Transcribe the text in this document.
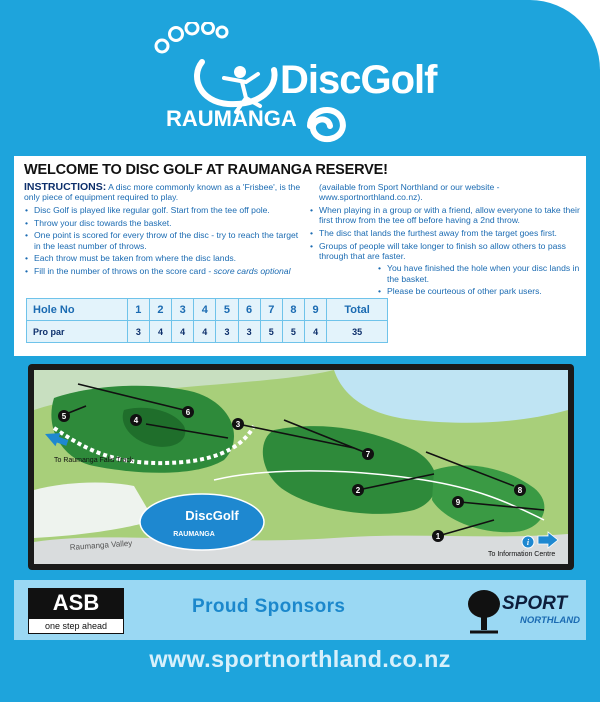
DiscGolf
RAUMANGA
WELCOME TO DISC GOLF AT RAUMANGA RESERVE!
INSTRUCTIONS: A disc more commonly known as a 'Frisbee', is the only piece of equipment required to play.
• Disc Golf is played like regular golf. Start from the tee off pole.
• Throw your disc towards the basket.
• One point is scored for every throw of the disc - try to reach the target in the least number of throws.
• Each throw must be taken from where the disc lands.
• Fill in the number of throws on the score card - score cards optional
(available from Sport Northland or our website - www.sportnorthland.co.nz).
• When playing in a group or with a friend, allow everyone to take their first throw from the tee off before having a 2nd throw.
• The disc that lands the furthest away from the target goes first.
• Groups of people will take longer to finish so allow others to pass through that are faster.
• You have finished the hole when your disc lands in the basket.
• Please be courteous of other park users.
Hole No	1	2	3	4	5	6	7	8	9	Total
Pro par	3	4	4	4	3	3	5	5	4	35
1
2
3
4
5	6
7
8
9
To Raumanga Falls Track
Raumanga Valley
DiscGolf
RAUMANGA
i
To Information Centre
ASB
one step ahead
Proud Sponsors	SPORT
NORTHLAND
www.sportnorthland.co.nz
